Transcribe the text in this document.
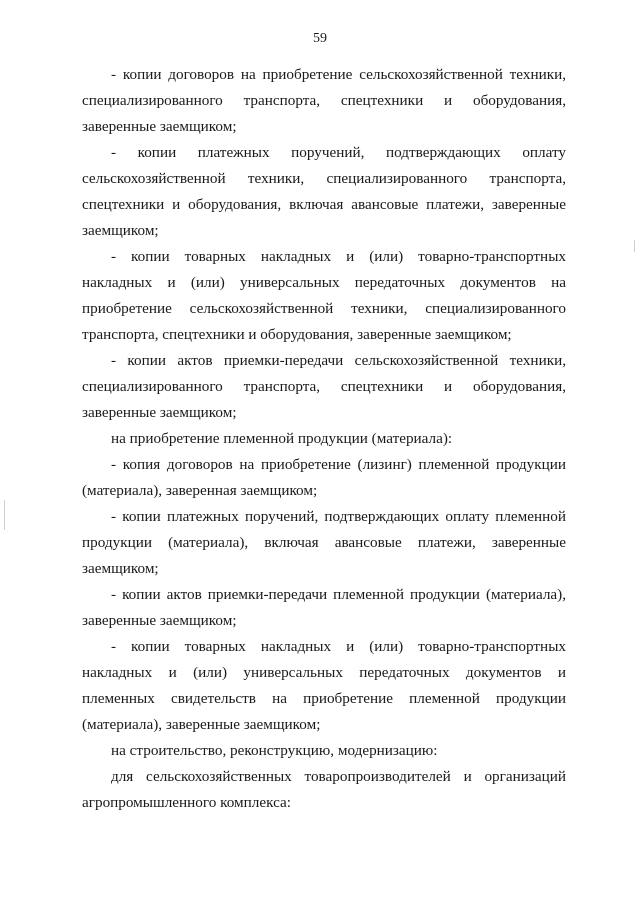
59

- копии договоров на приобретение сельскохозяйственной техники, специализированного транспорта, спецтехники и оборудования, заверенные заемщиком;

- копии платежных поручений, подтверждающих оплату сельскохозяйственной техники, специализированного транспорта, спецтехники и оборудования, включая авансовые платежи, заверенные заемщиком;

- копии товарных накладных и (или) товарно-транспортных накладных и (или) универсальных передаточных документов на приобретение сельскохозяйственной техники, специализированного транспорта, спецтехники и оборудования, заверенные заемщиком;

- копии актов приемки-передачи сельскохозяйственной техники, специализированного транспорта, спецтехники и оборудования, заверенные заемщиком;

на приобретение племенной продукции (материала):

- копия договоров на приобретение (лизинг) племенной продукции (материала), заверенная заемщиком;

- копии платежных поручений, подтверждающих оплату племенной продукции (материала), включая авансовые платежи, заверенные заемщиком;

- копии актов приемки-передачи племенной продукции (материала), заверенные заемщиком;

- копии товарных накладных и (или) товарно-транспортных накладных и (или) универсальных передаточных документов и племенных свидетельств на приобретение племенной продукции (материала), заверенные заемщиком;

на строительство, реконструкцию, модернизацию:

для сельскохозяйственных товаропроизводителей и организаций агропромышленного комплекса:
